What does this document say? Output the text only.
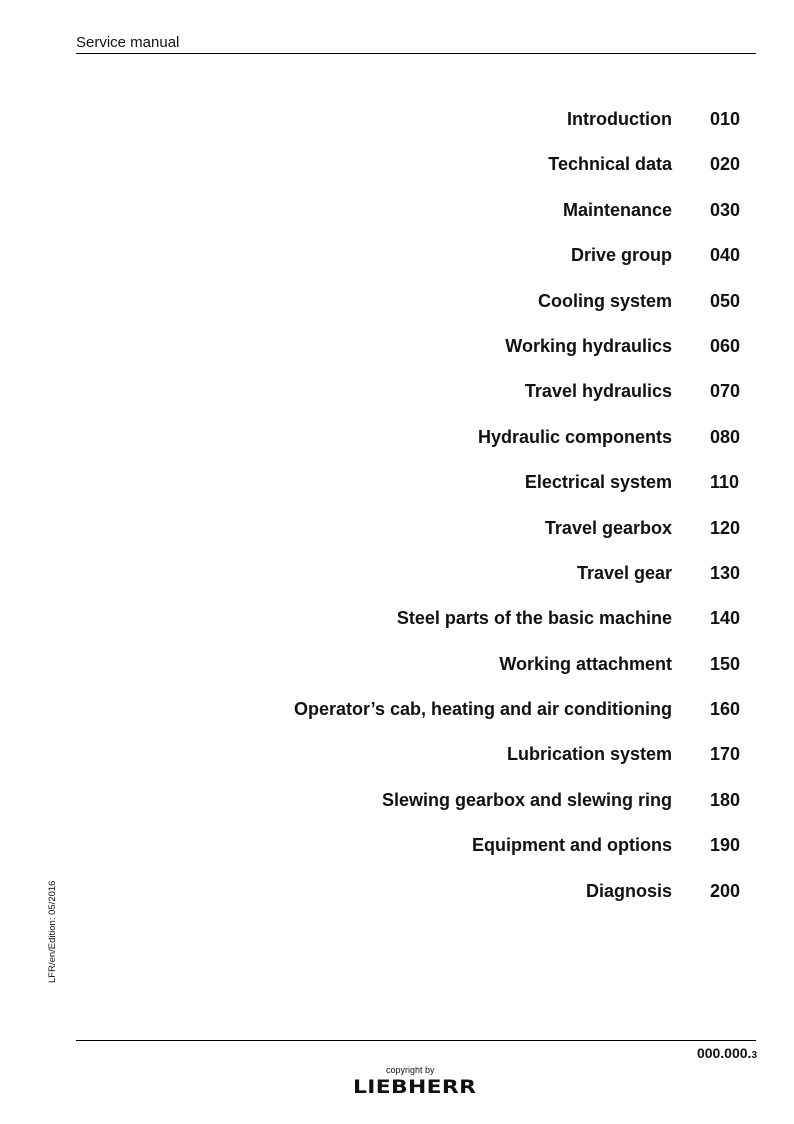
Service manual
Introduction 010
Technical data 020
Maintenance 030
Drive group 040
Cooling system 050
Working hydraulics 060
Travel hydraulics 070
Hydraulic components 080
Electrical system 110
Travel gearbox 120
Travel gear 130
Steel parts of the basic machine 140
Working attachment 150
Operator’s cab, heating and air conditioning 160
Lubrication system 170
Slewing gearbox and slewing ring 180
Equipment and options 190
Diagnosis 200
LFR/en/Edition: 05/2016
000.000.3
copyright by
LIEBHERR
